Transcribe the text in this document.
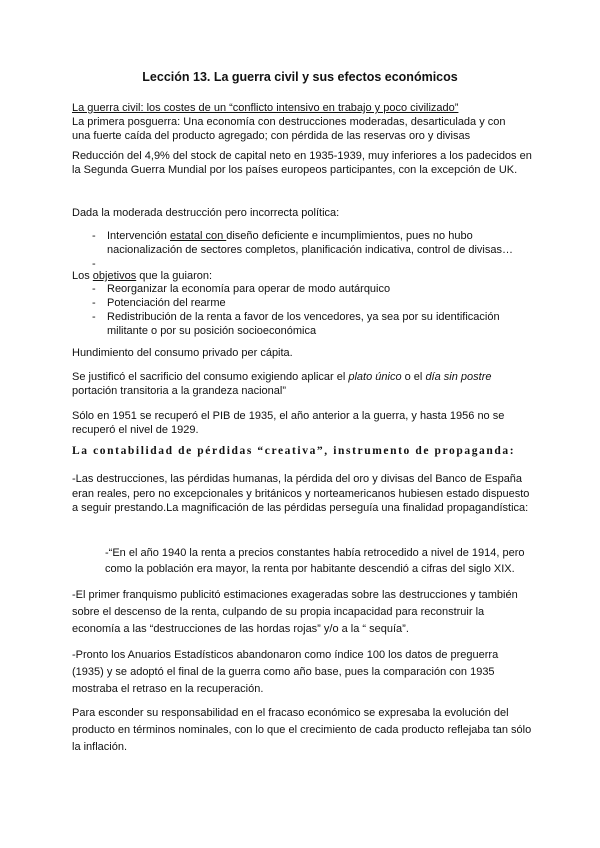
Lección 13. La guerra civil y sus efectos económicos
La guerra civil: los costes de un “conflicto intensivo en trabajo y poco civilizado”
La primera posguerra: Una economía con destrucciones moderadas, desarticulada y con
una fuerte caída del producto agregado; con pérdida de las reservas oro y divisas

Reducción del 4,9% del stock de capital neto en 1935-1939, muy inferiores a los padecidos en la Segunda Guerra Mundial por los países europeos participantes, con la excepción de UK.

Dada la moderada destrucción pero incorrecta política:

- Intervención estatal con diseño deficiente e incumplimientos, pues no hubo nacionalización de sectores completos, planificación indicativa, control de divisas…

Los objetivos que la guiaron:

- Reorganizar la economía para operar de modo autárquico
- Potenciación del rearme
- Redistribución de la renta a favor de los vencedores, ya sea por su identificación militante o por su posición socioeconómica

Hundimiento del consumo privado per cápita.

Se justificó el sacrificio del consumo exigiendo aplicar el plato único o el día sin postre portación transitoria a la grandeza nacional”

Sólo en 1951 se recuperó el PIB de 1935, el año anterior a la guerra, y hasta 1956 no se recuperó el nivel de 1929.

La contabilidad de pérdidas “creativa”, instrumento de propaganda:

-Las destrucciones, las pérdidas humanas, la pérdida del oro y divisas del Banco de España eran reales, pero no excepcionales y británicos y norteamericanos hubiesen estado dispuesto a seguir prestando.La magnificación de las pérdidas perseguía una finalidad propagandística:

-“En el año 1940 la renta a precios constantes había retrocedido a nivel de 1914, pero como la población era mayor, la renta por habitante descendió a cifras del siglo XIX.

-El primer franquismo publicitó estimaciones exageradas sobre las destrucciones y también sobre el descenso de la renta, culpando de su propia incapacidad para reconstruir la economía a las “destrucciones de las hordas rojas” y/o a la “ sequía”.

-Pronto los Anuarios Estadísticos abandonaron como índice 100 los datos de preguerra (1935) y se adoptó el final de la guerra como año base, pues la comparación con 1935 mostraba el retraso en la recuperación.

Para esconder su responsabilidad en el fracaso económico se expresaba la evolución del producto en términos nominales, con lo que el crecimiento de cada producto reflejaba tan sólo la inflación.
